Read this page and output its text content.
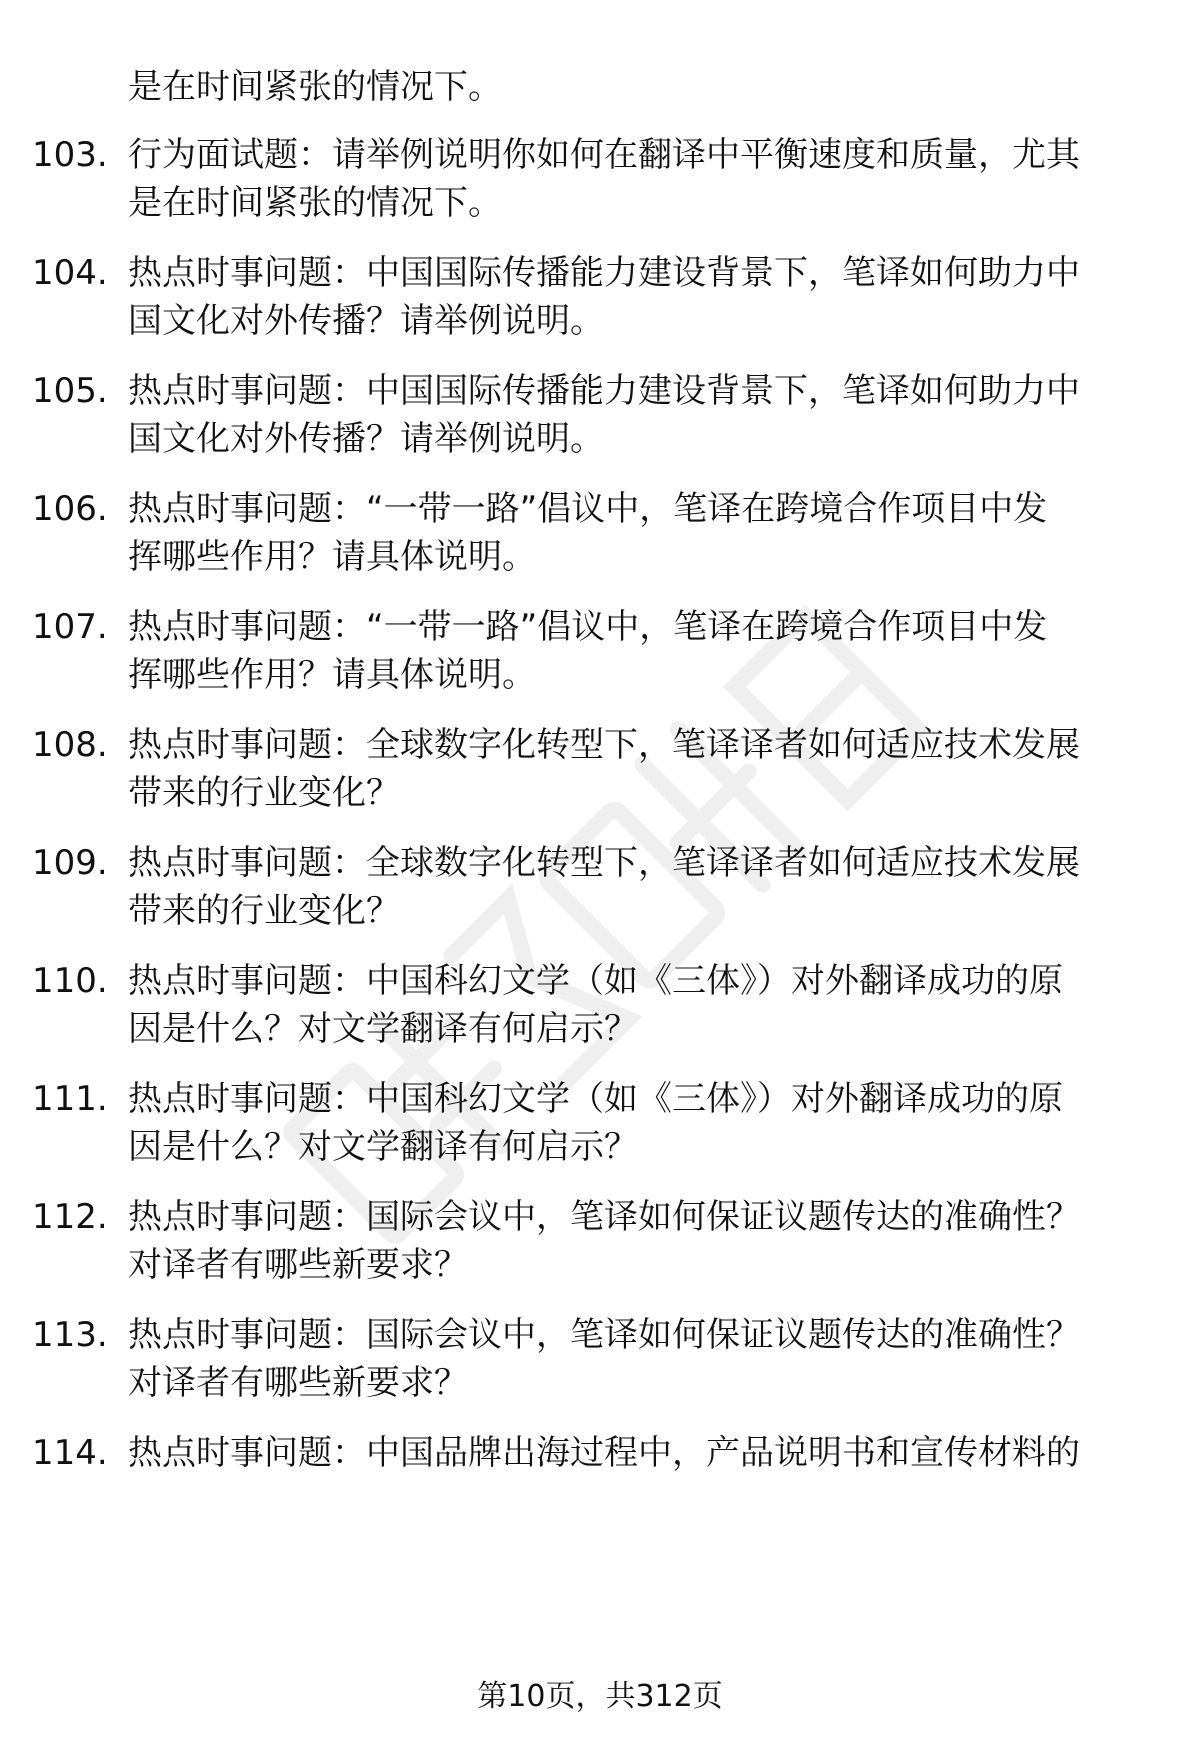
是在时间紧张的情况下。
103. 行为面试题：请举例说明你如何在翻译中平衡速度和质量，尤其
是在时间紧张的情况下。
104. 热点时事问题：中国国际传播能力建设背景下，笔译如何助力中
国文化对外传播？请举例说明。
105. 热点时事问题：中国国际传播能力建设背景下，笔译如何助力中
国文化对外传播？请举例说明。
106. 热点时事问题：“一带一路”倡议中，笔译在跨境合作项目中发
挥哪些作用？请具体说明。
107. 热点时事问题：“一带一路”倡议中，笔译在跨境合作项目中发
挥哪些作用？请具体说明。
108. 热点时事问题：全球数字化转型下，笔译译者如何适应技术发展
带来的行业变化？
109. 热点时事问题：全球数字化转型下，笔译译者如何适应技术发展
带来的行业变化？
110. 热点时事问题：中国科幻文学（如《三体》）对外翻译成功的原
因是什么？对文学翻译有何启示？
111. 热点时事问题：中国科幻文学（如《三体》）对外翻译成功的原
因是什么？对文学翻译有何启示？
112. 热点时事问题：国际会议中，笔译如何保证议题传达的准确性？
对译者有哪些新要求？
113. 热点时事问题：国际会议中，笔译如何保证议题传达的准确性？
对译者有哪些新要求？
114. 热点时事问题：中国品牌出海过程中，产品说明书和宣传材料的
第10页，共312页
